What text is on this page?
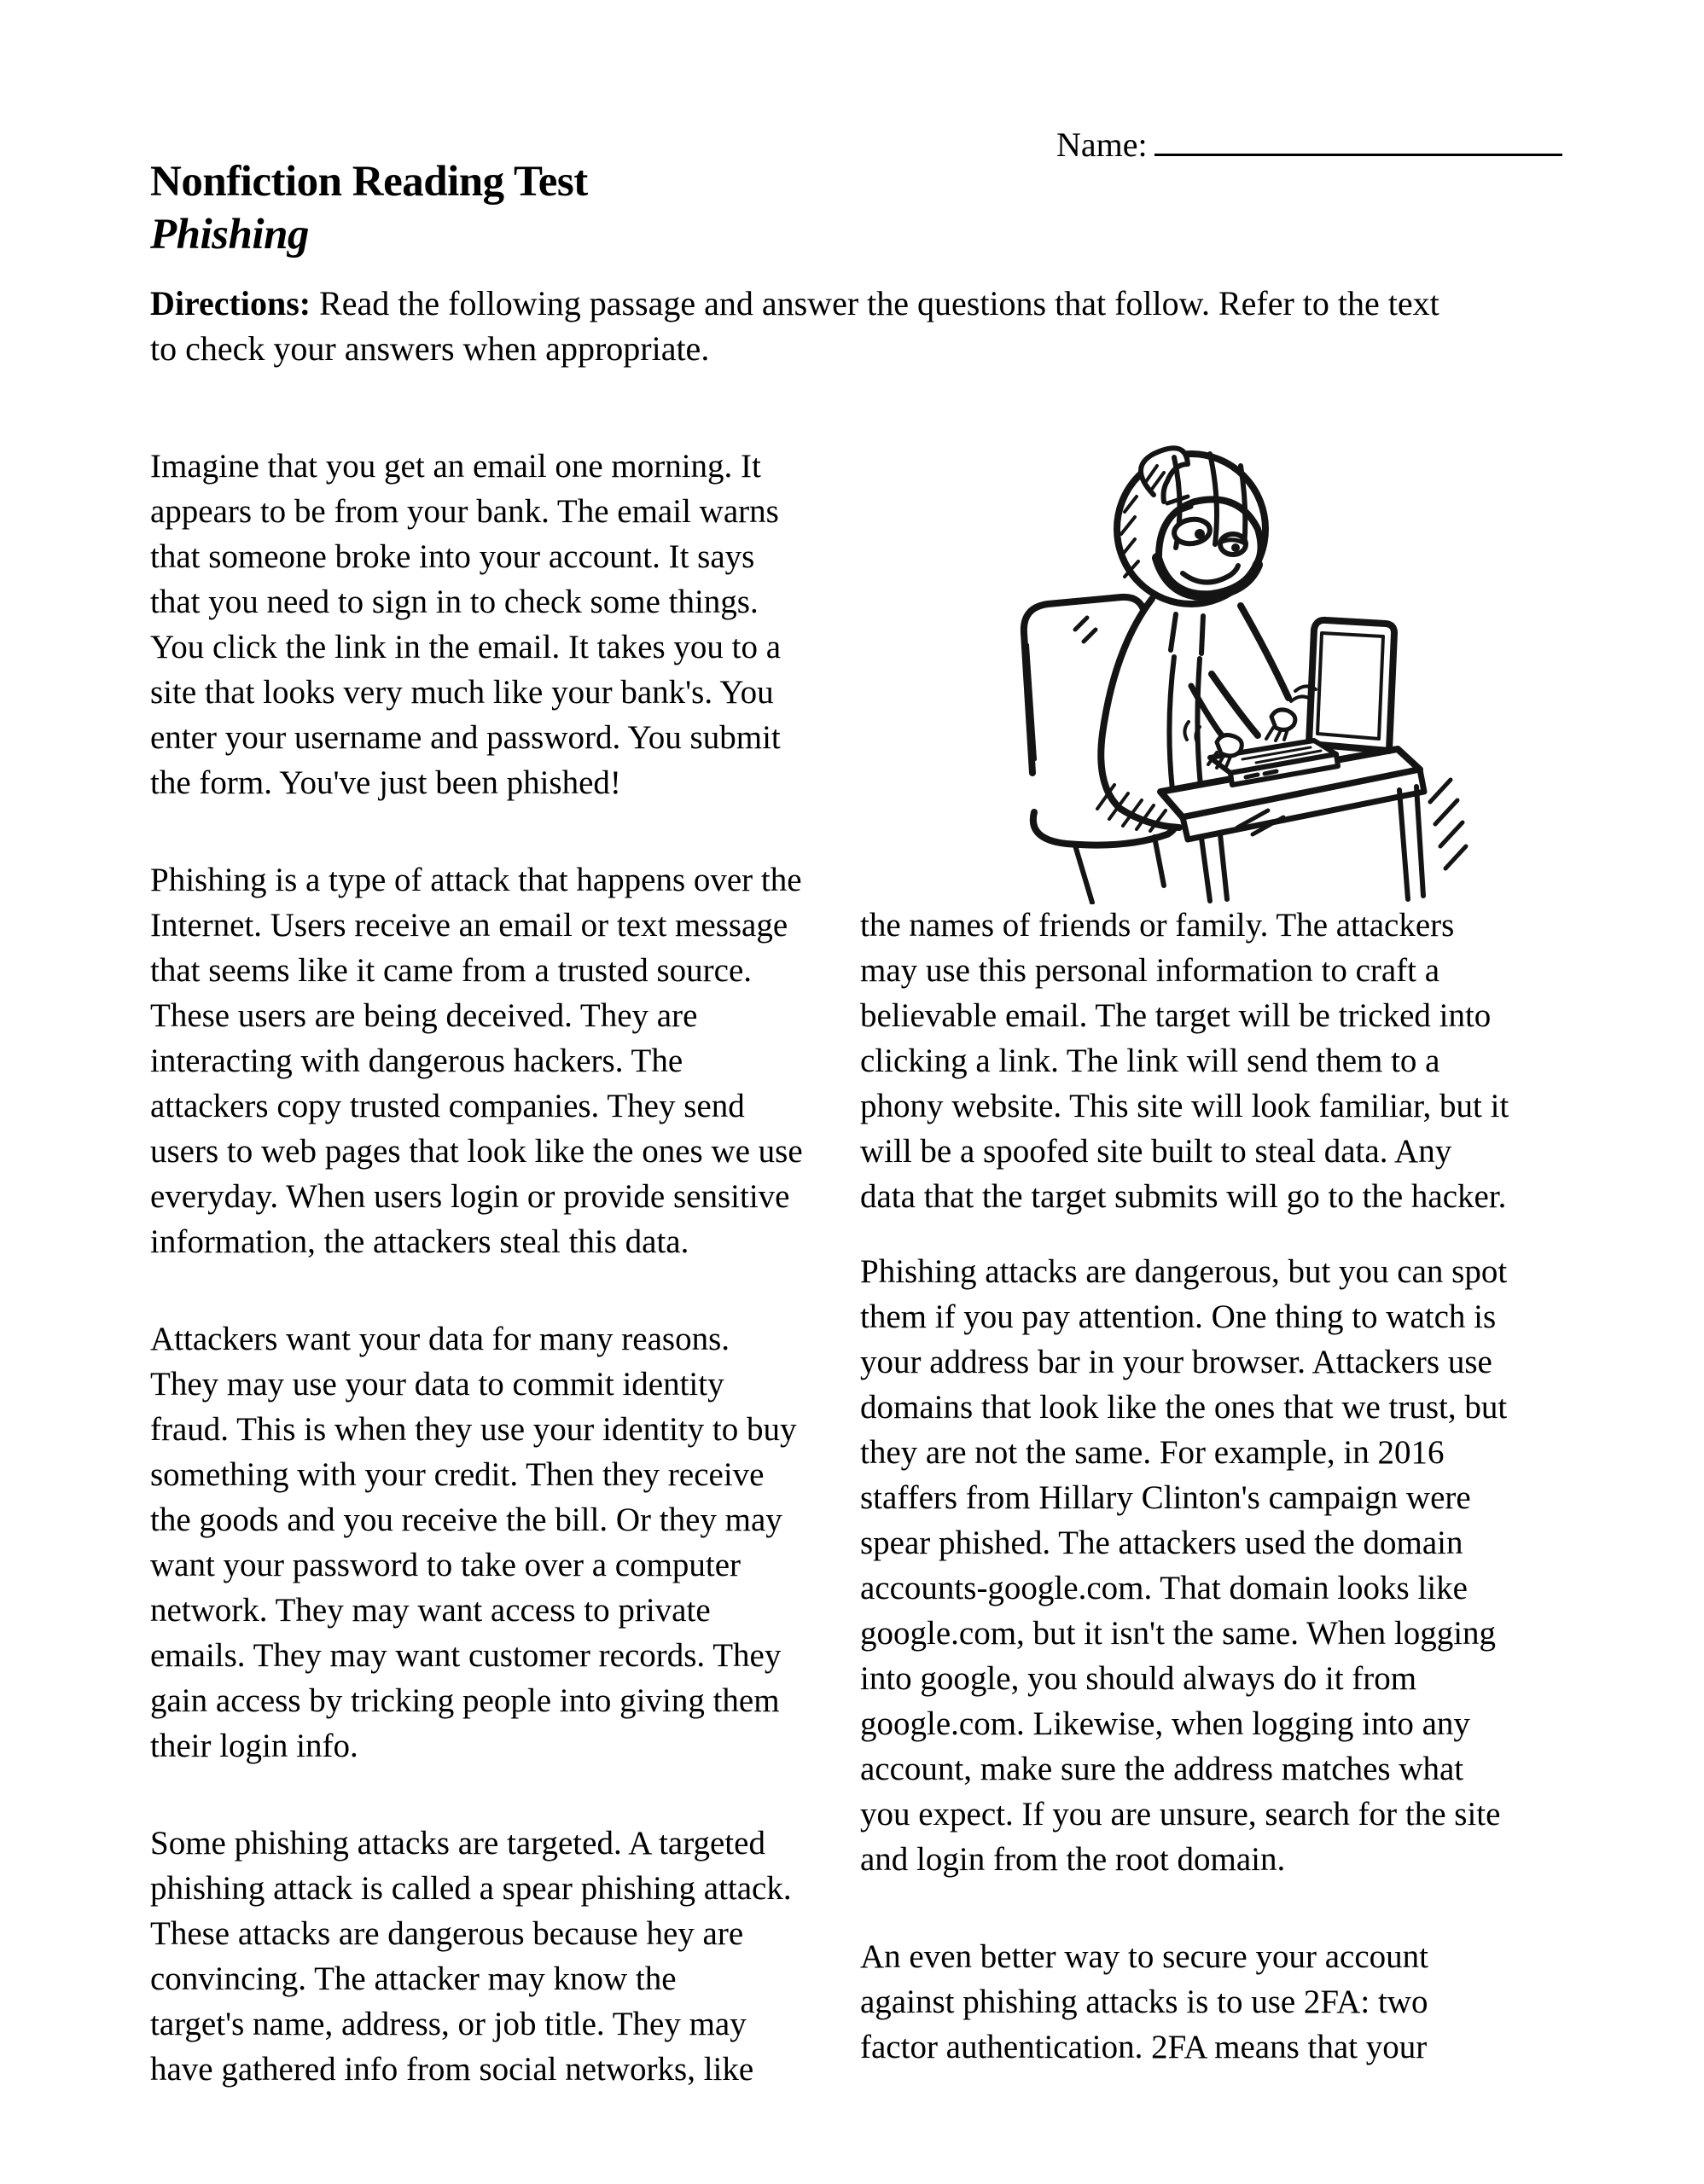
Name:
Nonfiction Reading Test
Phishing
Directions: Read the following passage and answer the questions that follow. Refer to the text
to check your answers when appropriate.
Imagine that you get an email one morning. It
appears to be from your bank. The email warns
that someone broke into your account. It says
that you need to sign in to check some things.
You click the link in the email. It takes you to a
site that looks very much like your bank's. You
enter your username and password. You submit
the form. You've just been phished!
Phishing is a type of attack that happens over the
Internet. Users receive an email or text message
that seems like it came from a trusted source.
These users are being deceived. They are
interacting with dangerous hackers. The
attackers copy trusted companies. They send
users to web pages that look like the ones we use
everyday. When users login or provide sensitive
information, the attackers steal this data.
Attackers want your data for many reasons.
They may use your data to commit identity
fraud. This is when they use your identity to buy
something with your credit. Then they receive
the goods and you receive the bill. Or they may
want your password to take over a computer
network. They may want access to private
emails. They may want customer records. They
gain access by tricking people into giving them
their login info.
Some phishing attacks are targeted. A targeted
phishing attack is called a spear phishing attack.
These attacks are dangerous because hey are
convincing. The attacker may know the
target's name, address, or job title. They may
have gathered info from social networks, like
the names of friends or family. The attackers
may use this personal information to craft a
believable email. The target will be tricked into
clicking a link. The link will send them to a
phony website. This site will look familiar, but it
will be a spoofed site built to steal data. Any
data that the target submits will go to the hacker.
Phishing attacks are dangerous, but you can spot
them if you pay attention. One thing to watch is
your address bar in your browser. Attackers use
domains that look like the ones that we trust, but
they are not the same. For example, in 2016
staffers from Hillary Clinton's campaign were
spear phished. The attackers used the domain
accounts-google.com. That domain looks like
google.com, but it isn't the same. When logging
into google, you should always do it from
google.com. Likewise, when logging into any
account, make sure the address matches what
you expect. If you are unsure, search for the site
and login from the root domain.
An even better way to secure your account
against phishing attacks is to use 2FA: two
factor authentication. 2FA means that your
